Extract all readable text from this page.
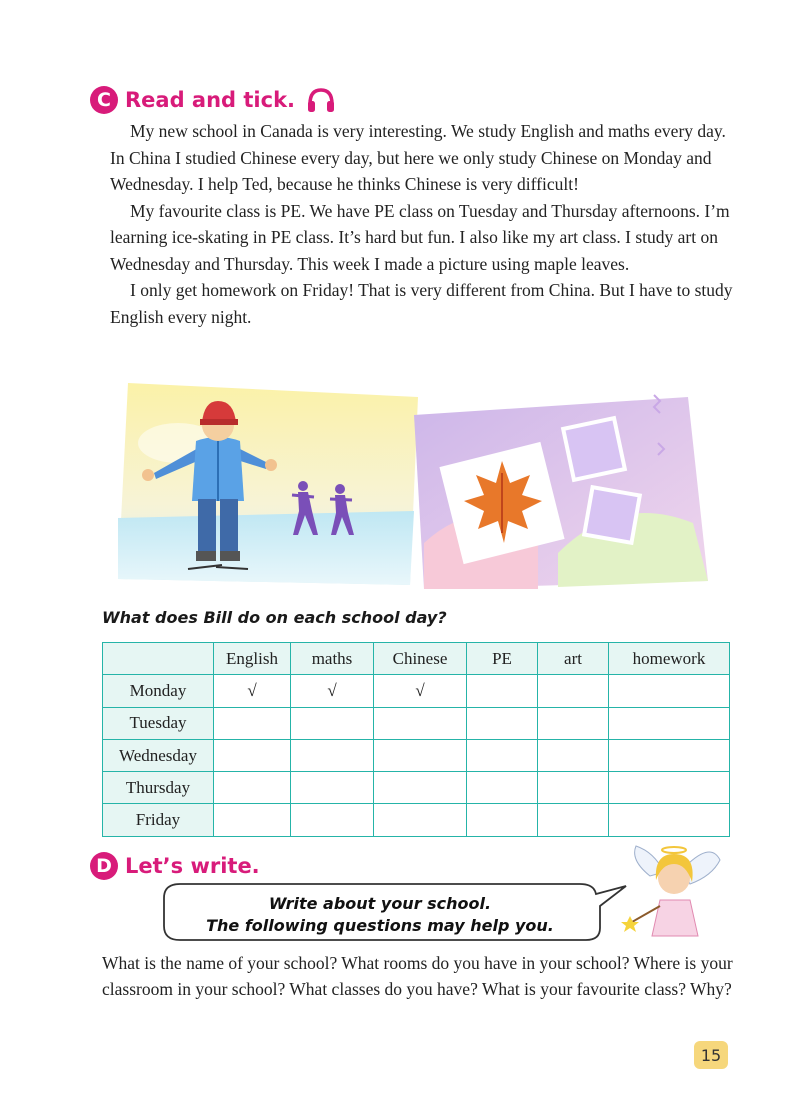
C Read and tick.

My new school in Canada is very interesting. We study English and maths every day. In China I studied Chinese every day, but here we only study Chinese on Monday and Wednesday. I help Ted, because he thinks Chinese is very difficult!

My favourite class is PE. We have PE class on Tuesday and Thursday afternoons. I’m learning ice-skating in PE class. It’s hard but fun. I also like my art class. I study art on Wednesday and Thursday. This week I made a picture using maple leaves.

I only get homework on Friday! That is very different from China. But I have to study English every night.

What does Bill do on each school day?
	English	maths	Chinese	PE	art	homework
Monday	√	√	√			
Tuesday						
Wednesday						
Thursday						
Friday						
D Let’s write.
Write about your school.
The following questions may help you.

What is the name of your school? What rooms do you have in your school? Where is your classroom in your school? What classes do you have? What is your favourite class? Why?

15
